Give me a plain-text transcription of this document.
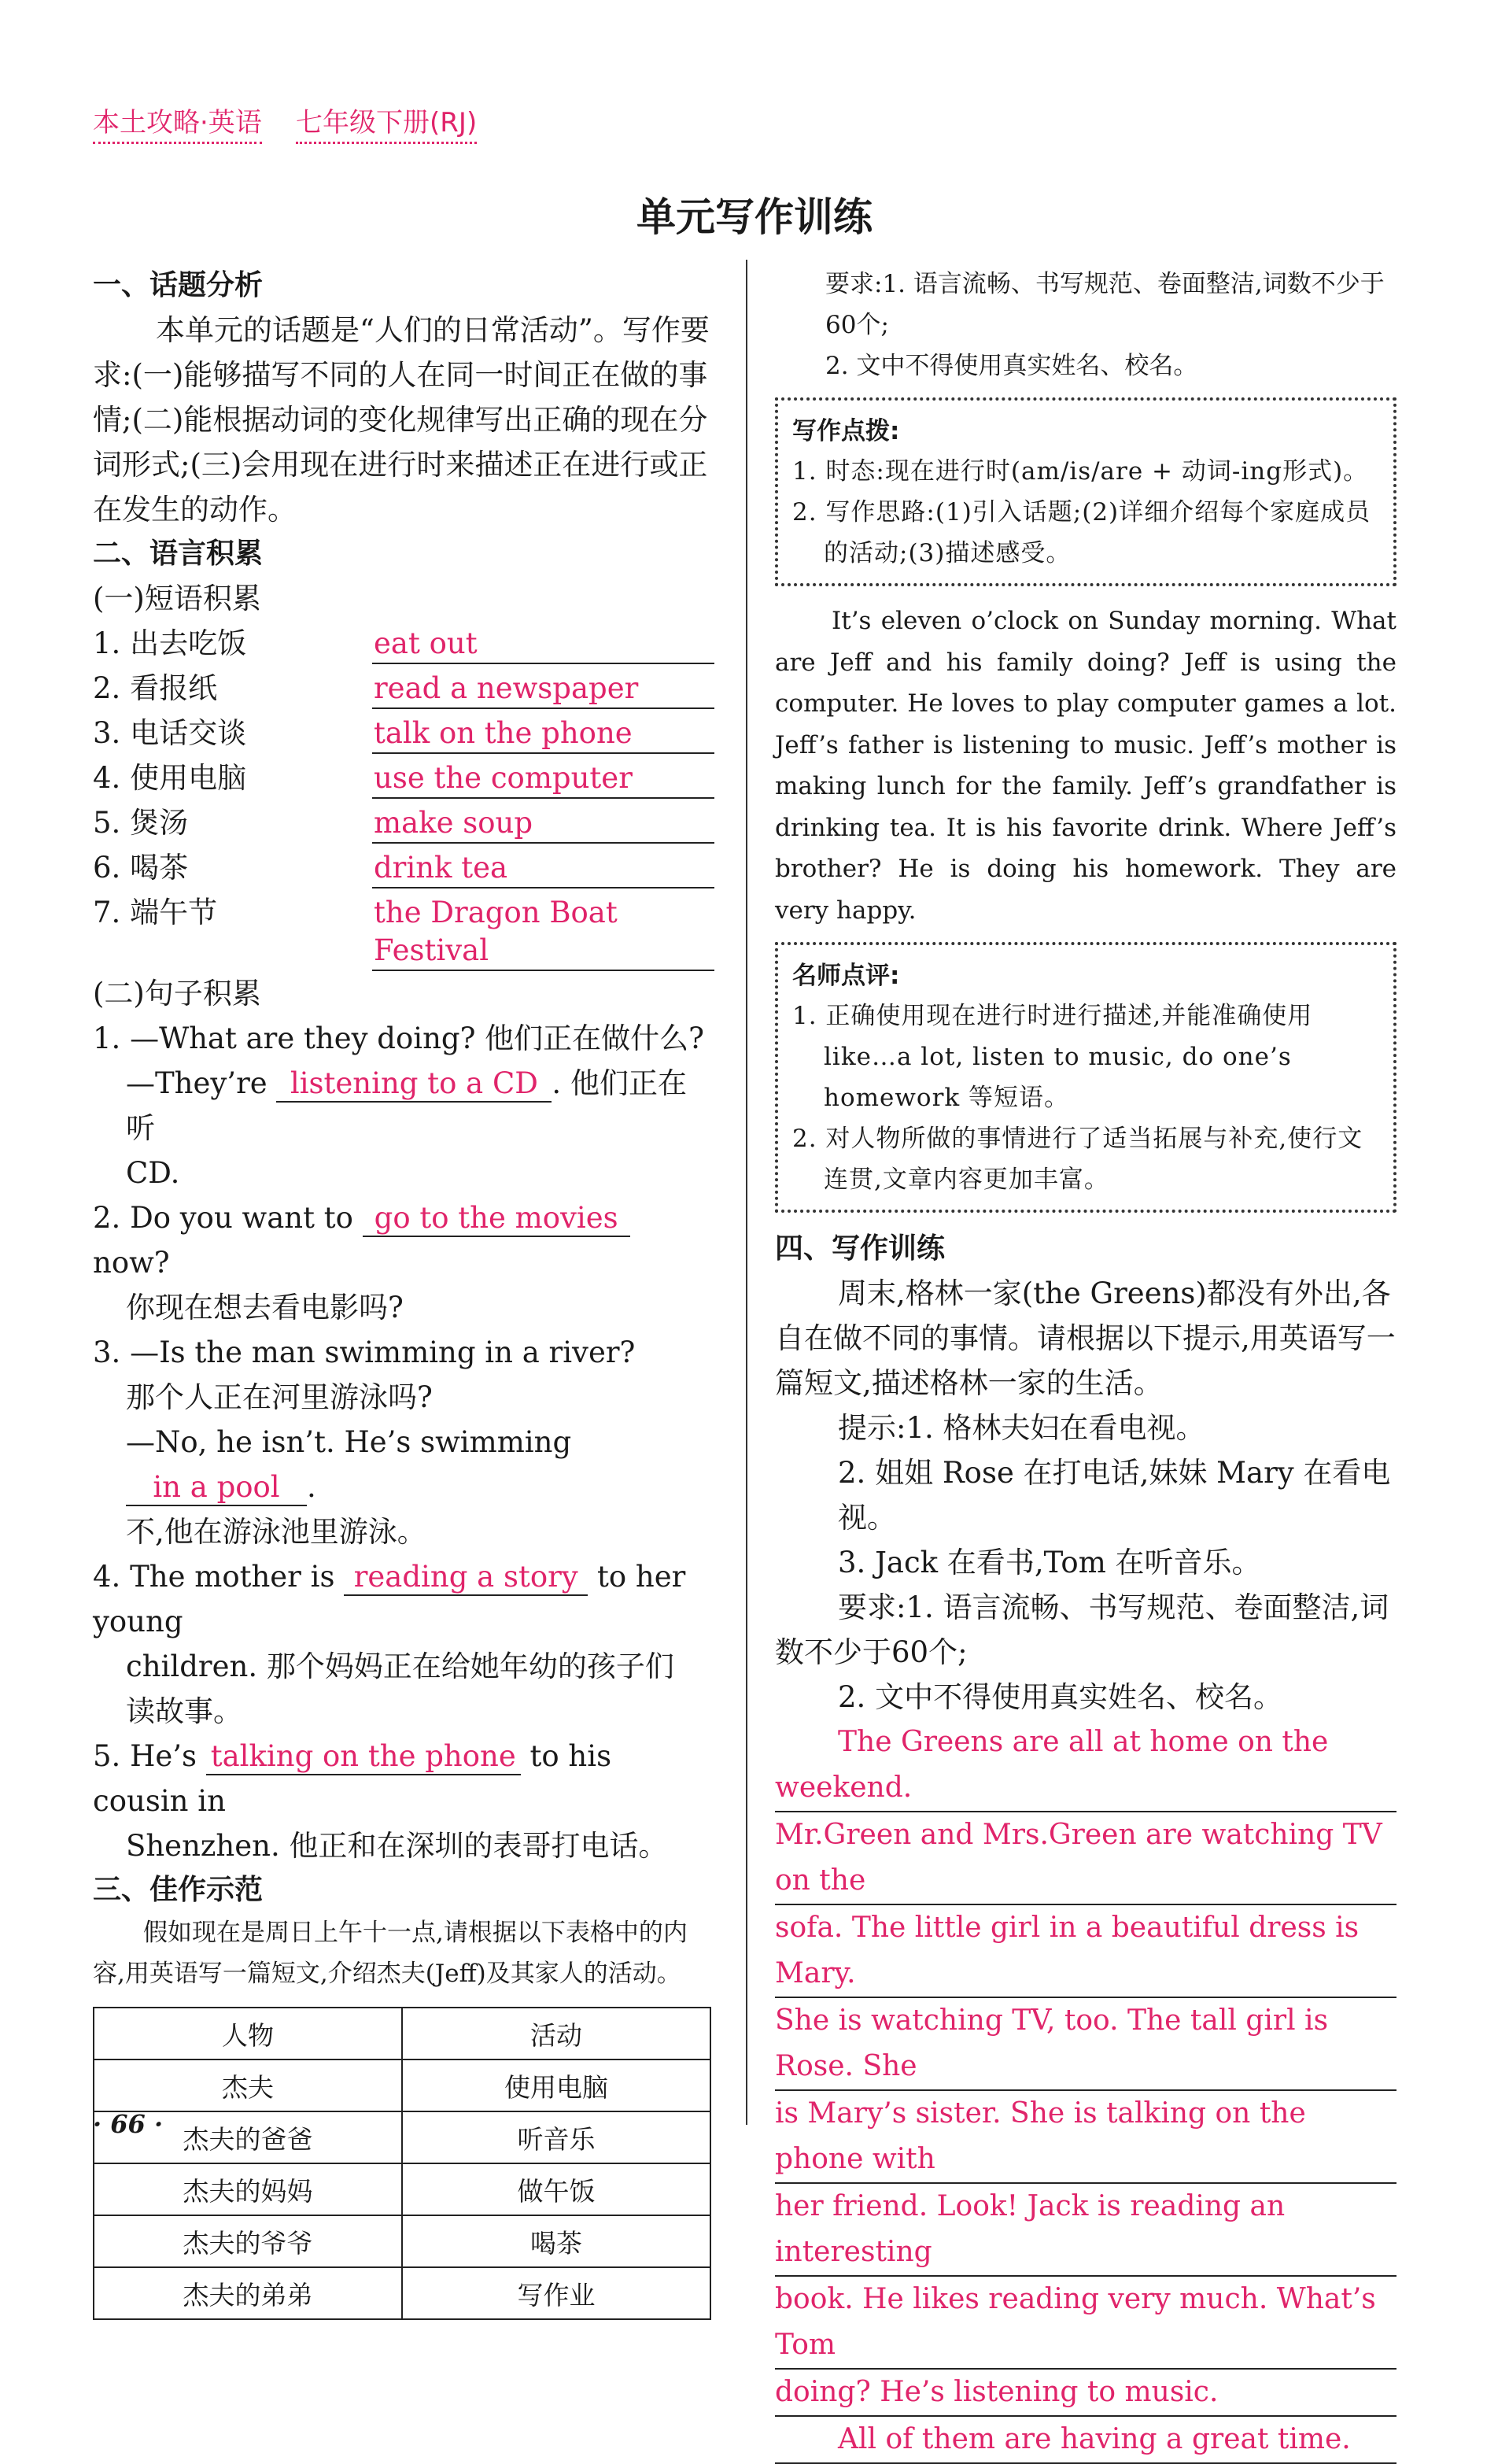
本土攻略·英语 七年级下册(RJ)
单元写作训练
一、话题分析
本单元的话题是“人们的日常活动”。写作要求:(一)能够描写不同的人在同一时间正在做的事情;(二)能根据动词的变化规律写出正确的现在分词形式;(三)会用现在进行时来描述正在进行或正在发生的动作。
二、语言积累
(一)短语积累
1. 出去吃饭	eat out
2. 看报纸	read a newspaper
3. 电话交谈	talk on the phone
4. 使用电脑	use the computer
5. 煲汤	make soup
6. 喝茶	drink tea
7. 端午节	the Dragon Boat Festival
(二)句子积累
1. —What are they doing? 他们正在做什么?
—They’re listening to a CD . 他们正在听
CD.
2. Do you want to go to the movies now?
你现在想去看电影吗?
3. —Is the man swimming in a river?
那个人正在河里游泳吗?
—No, he isn’t. He’s swimming in a pool .
不,他在游泳池里游泳。
4. The mother is reading a story to her young
children. 那个妈妈正在给她年幼的孩子们
读故事。
5. He’s talking on the phone to his cousin in
Shenzhen. 他正和在深圳的表哥打电话。
三、佳作示范
假如现在是周日上午十一点,请根据以下表格中的内容,用英语写一篇短文,介绍杰夫(Jeff)及其家人的活动。
人物	活动
杰夫	使用电脑
杰夫的爸爸	听音乐
杰夫的妈妈	做午饭
杰夫的爷爷	喝茶
杰夫的弟弟	写作业
要求:1. 语言流畅、书写规范、卷面整洁,词数不少于60个;
2. 文中不得使用真实姓名、校名。
写作点拨:
1. 时态:现在进行时(am/is/are + 动词-ing形式)。
2. 写作思路:(1)引入话题;(2)详细介绍每个家庭成员的活动;(3)描述感受。
It’s eleven o’clock on Sunday morning. What are Jeff and his family doing? Jeff is using the computer. He loves to play computer games a lot. Jeff’s father is listening to music. Jeff’s mother is making lunch for the family. Jeff’s grandfather is drinking tea. It is his favorite drink. Where Jeff’s brother? He is doing his homework. They are very happy.
名师点评:
1. 正确使用现在进行时进行描述,并能准确使用like…a lot, listen to music, do one’s homework 等短语。
2. 对人物所做的事情进行了适当拓展与补充,使行文连贯,文章内容更加丰富。
四、写作训练
周末,格林一家(the Greens)都没有外出,各自在做不同的事情。请根据以下提示,用英语写一篇短文,描述格林一家的生活。
提示:1. 格林夫妇在看电视。
2. 姐姐 Rose 在打电话,妹妹 Mary 在看电视。
3. Jack 在看书,Tom 在听音乐。
要求:1. 语言流畅、书写规范、卷面整洁,词数不少于60个;
2. 文中不得使用真实姓名、校名。
The Greens are all at home on the weekend.
Mr.Green and Mrs.Green are watching TV on the
sofa. The little girl in a beautiful dress is Mary.
She is watching TV, too. The tall girl is Rose. She
is Mary’s sister. She is talking on the phone with
her friend. Look! Jack is reading an interesting
book. He likes reading very much. What’s Tom
doing? He’s listening to music.
All of them are having a great time.
· 66 ·
